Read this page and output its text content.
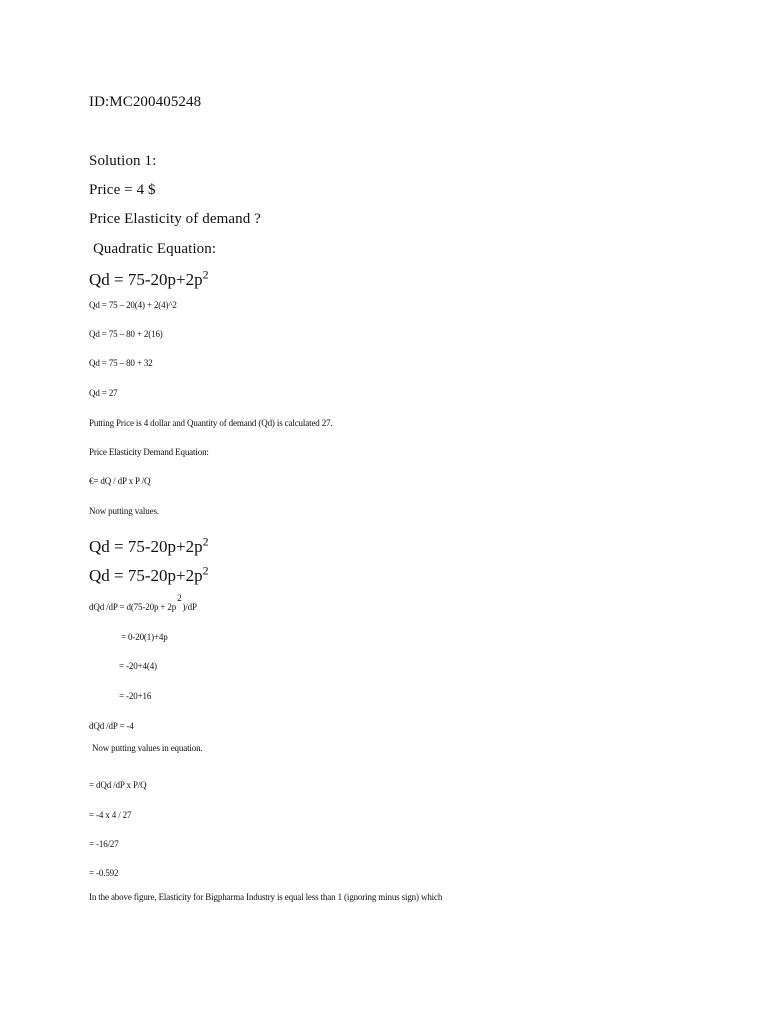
ID:MC200405248
Solution 1:
Price = 4 $
Price Elasticity of demand ?
Quadratic Equation:
$Qd = 75-20p+2p^2$
Qd = 75 – 20(4) + 2(4)^2
Qd = 75 – 80 + 2(16)
Qd = 75 – 80 + 32
Qd = 27
Putting Price is 4 dollar and Quantity of demand (Qd) is calculated 27.
Price Elasticity Demand Equation:
€= dQ / dP x P /Q
Now putting values.
$Qd = 75-20p+2p^2$
$Qd = 75-20p+2p^2$
dQd /dP = d(75-20p + 2p2)/dP
= 0-20(1)+4p
= -20+4(4)
= -20+16
dQd /dP = -4
Now putting values in equation.
= dQd /dP x P/Q
= -4 x 4 / 27
= -16/27
= -0.592
In the above figure, Elasticity for Bigpharma Industry is equal less than 1 (ignoring minus sign) which
